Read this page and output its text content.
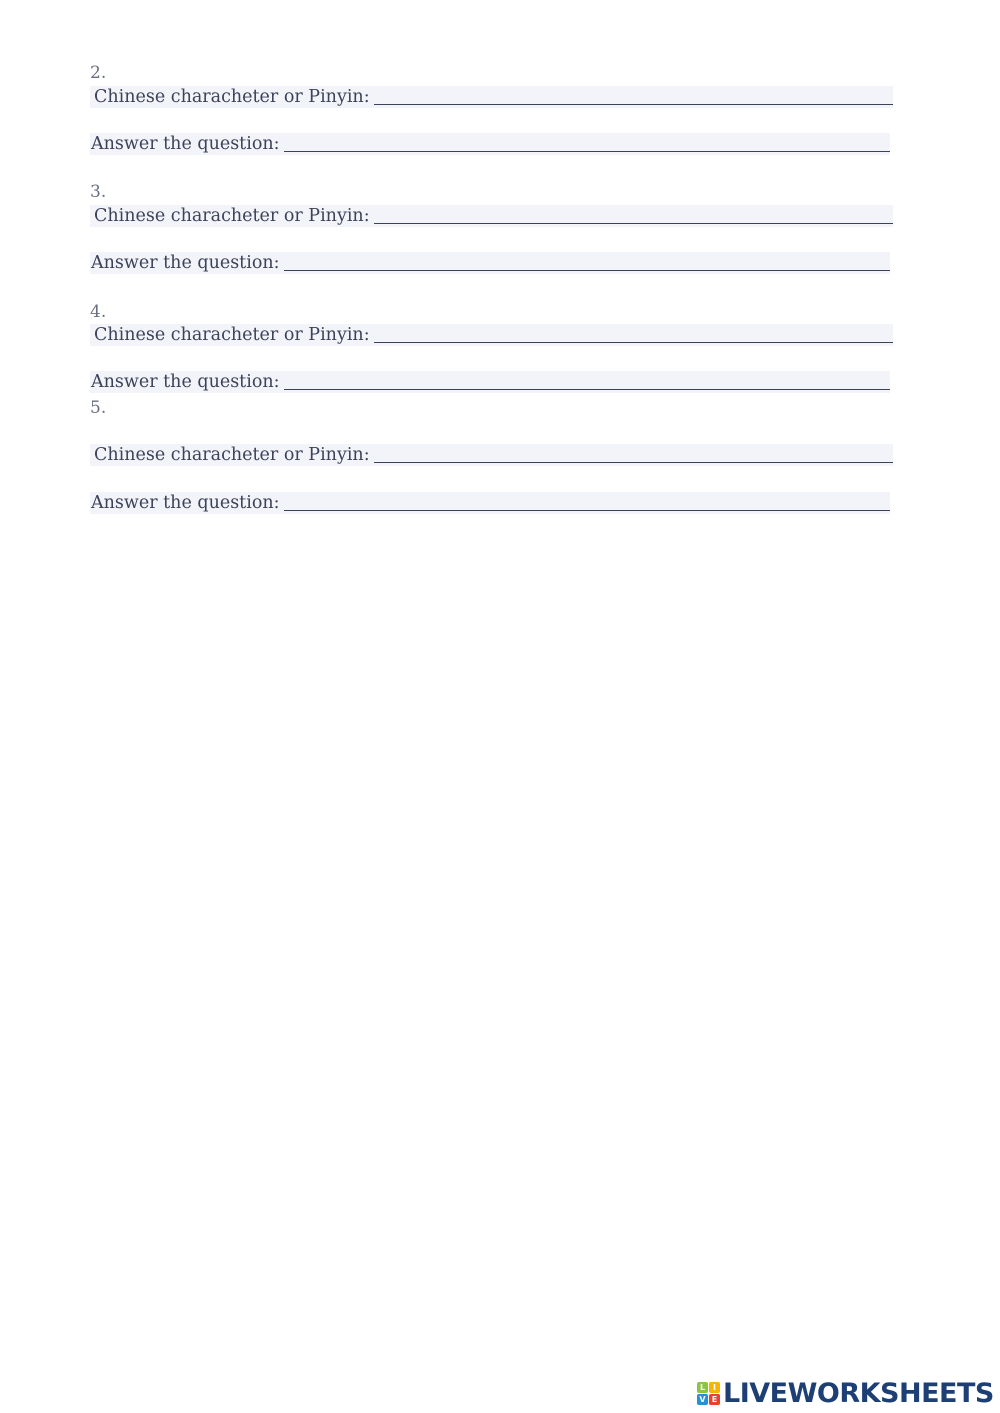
2.
Chinese characheter or Pinyin:
Answer the question:
3.
Chinese characheter or Pinyin:
Answer the question:
4.
Chinese characheter or Pinyin:
Answer the question:
5.
Chinese characheter or Pinyin:
Answer the question:
L I
V E LIVEWORKSHEETS
